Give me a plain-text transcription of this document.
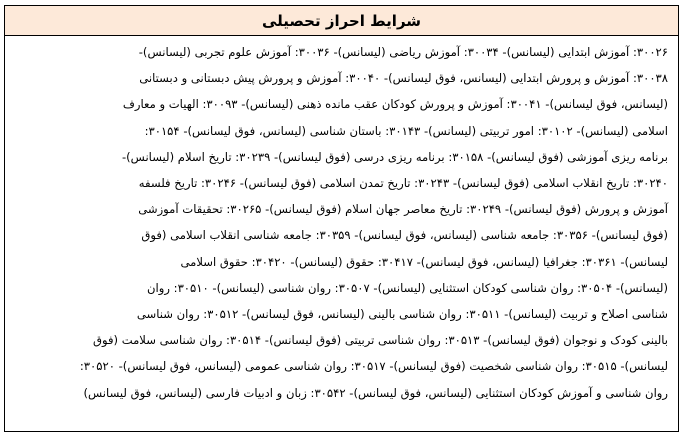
شرایط احراز تحصیلی
۳۰۰۲۶: آموزش ابتدایی (لیسانس)- ۳۰۰۳۴: آموزش ریاضی (لیسانس)- ۳۰۰۳۶: آموزش علوم تجربی (لیسانس)-
۳۰۰۳۸: آموزش و پرورش ابتدایی (لیسانس، فوق لیسانس)- ۳۰۰۴۰: آموزش و پرورش پیش دبستانی و دبستانی
(لیسانس، فوق لیسانس)- ۳۰۰۴۱: آموزش و پرورش کودکان عقب مانده ذهنی (لیسانس)- ۳۰۰۹۳: الهیات و معارف
اسلامی (لیسانس)- ۳۰۱۰۲: امور تربیتی (لیسانس)- ۳۰۱۴۳: باستان شناسی (لیسانس، فوق لیسانس)- ۳۰۱۵۴:
برنامه ریزی آموزشی (فوق لیسانس)- ۳۰۱۵۸: برنامه ریزی درسی (فوق لیسانس)- ۳۰۲۳۹: تاریخ اسلام (لیسانس)-
۳۰۲۴۰: تاریخ انقلاب اسلامی (فوق لیسانس)- ۳۰۲۴۳: تاریخ تمدن اسلامی (فوق لیسانس)- ۳۰۲۴۶: تاریخ فلسفه
آموزش و پرورش (فوق لیسانس)- ۳۰۲۴۹: تاریخ معاصر جهان اسلام (فوق لیسانس)- ۳۰۲۶۵: تحقیقات آموزشی
(فوق لیسانس)- ۳۰۳۵۶: جامعه شناسی (لیسانس، فوق لیسانس)- ۳۰۳۵۹: جامعه شناسی انقلاب اسلامی (فوق
لیسانس)- ۳۰۳۶۱: جغرافیا (لیسانس، فوق لیسانس)- ۳۰۴۱۷: حقوق (لیسانس)- ۳۰۴۲۰: حقوق اسلامی
(لیسانس)- ۳۰۵۰۴: روان شناسی کودکان استثنایی (لیسانس)- ۳۰۵۰۷: روان شناسی (لیسانس)- ۳۰۵۱۰: روان
شناسی اصلاح و تربیت (لیسانس)- ۳۰۵۱۱: روان شناسی بالینی (لیسانس، فوق لیسانس)- ۳۰۵۱۲: روان شناسی
بالینی کودک و نوجوان (فوق لیسانس)- ۳۰۵۱۳: روان شناسی تربیتی (فوق لیسانس)- ۳۰۵۱۴: روان شناسی سلامت (فوق
لیسانس)- ۳۰۵۱۵: روان شناسی شخصیت (فوق لیسانس)- ۳۰۵۱۷: روان شناسی عمومی (لیسانس، فوق لیسانس)- ۳۰۵۲۰:
روان شناسی و آموزش کودکان استثنایی (لیسانس، فوق لیسانس)- ۳۰۵۴۲: زبان و ادبیات فارسی (لیسانس، فوق لیسانس)
